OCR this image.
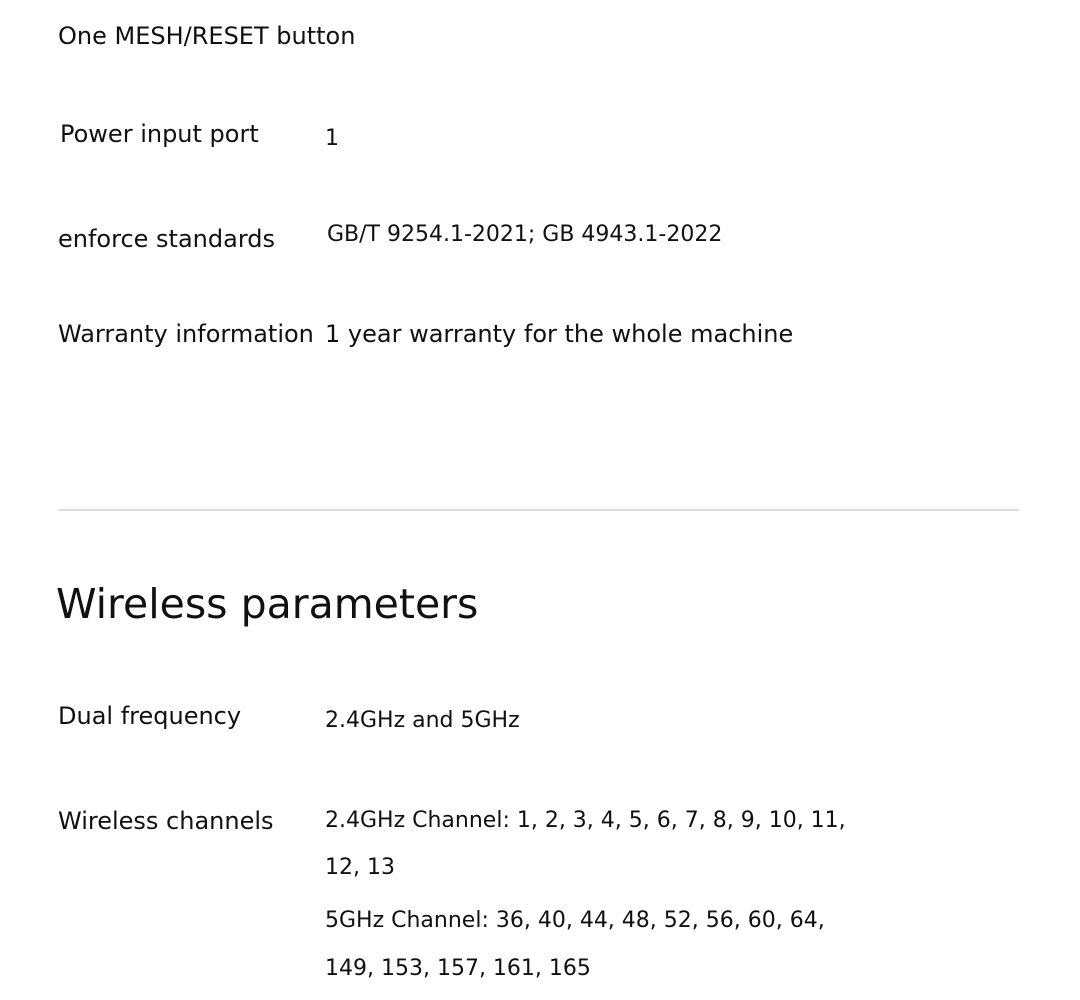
One MESH/RESET button
Power input port	1
enforce standards GB/T 9254.1-2021; GB 4943.1-2022
Warranty information 1 year warranty for the whole machine
Wireless parameters
Dual frequency	2.4GHz and 5GHz
Wireless channels 2.4GHz Channel: 1, 2, 3, 4, 5, 6, 7, 8, 9, 10, 11,
12, 13
5GHz Channel: 36, 40, 44, 48, 52, 56, 60, 64,
149, 153, 157, 161, 165
